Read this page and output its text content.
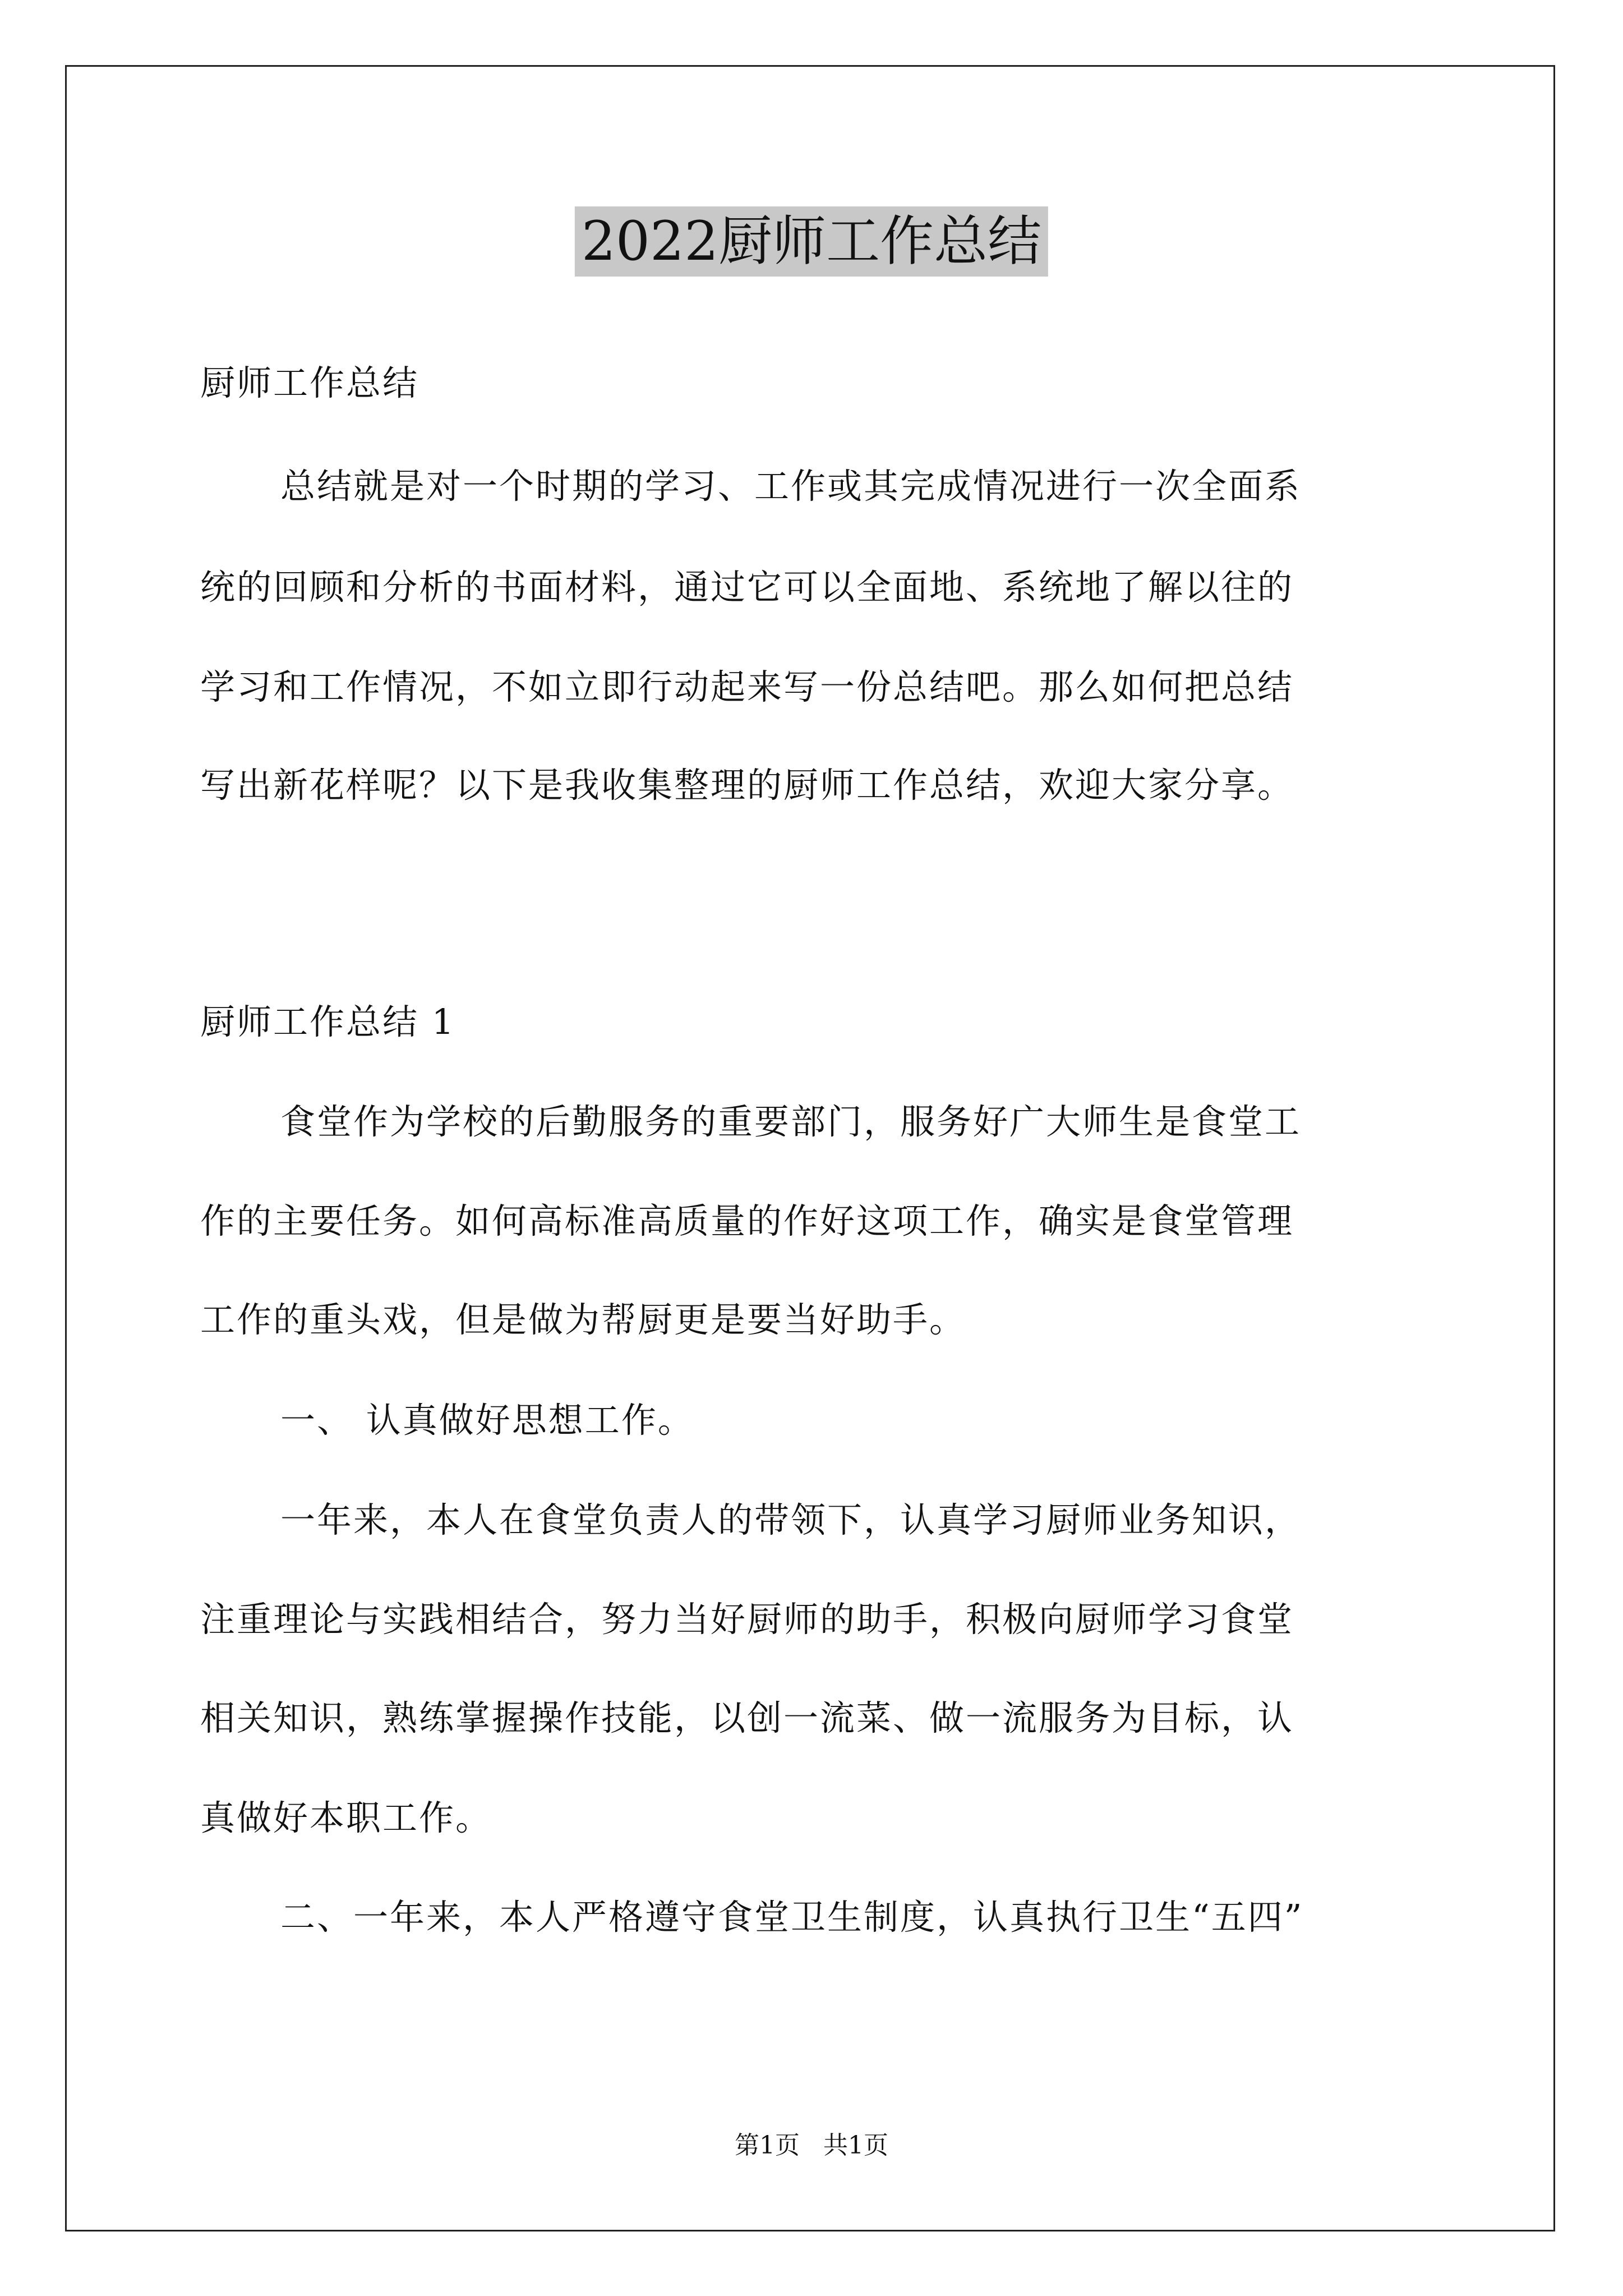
2022厨师工作总结
厨师工作总结
总结就是对一个时期的学习、工作或其完成情况进行一次全面系
统的回顾和分析的书面材料，通过它可以全面地、系统地了解以往的
学习和工作情况，不如立即行动起来写一份总结吧。那么如何把总结
写出新花样呢？以下是我收集整理的厨师工作总结，欢迎大家分享。
厨师工作总结 1
食堂作为学校的后勤服务的重要部门，服务好广大师生是食堂工
作的主要任务。如何高标准高质量的作好这项工作，确实是食堂管理
工作的重头戏，但是做为帮厨更是要当好助手。
一、 认真做好思想工作。
一年来，本人在食堂负责人的带领下，认真学习厨师业务知识，
注重理论与实践相结合，努力当好厨师的助手，积极向厨师学习食堂
相关知识，熟练掌握操作技能，以创一流菜、做一流服务为目标，认
真做好本职工作。
二、一年来，本人严格遵守食堂卫生制度，认真执行卫生“五四”
第1页   共1页
